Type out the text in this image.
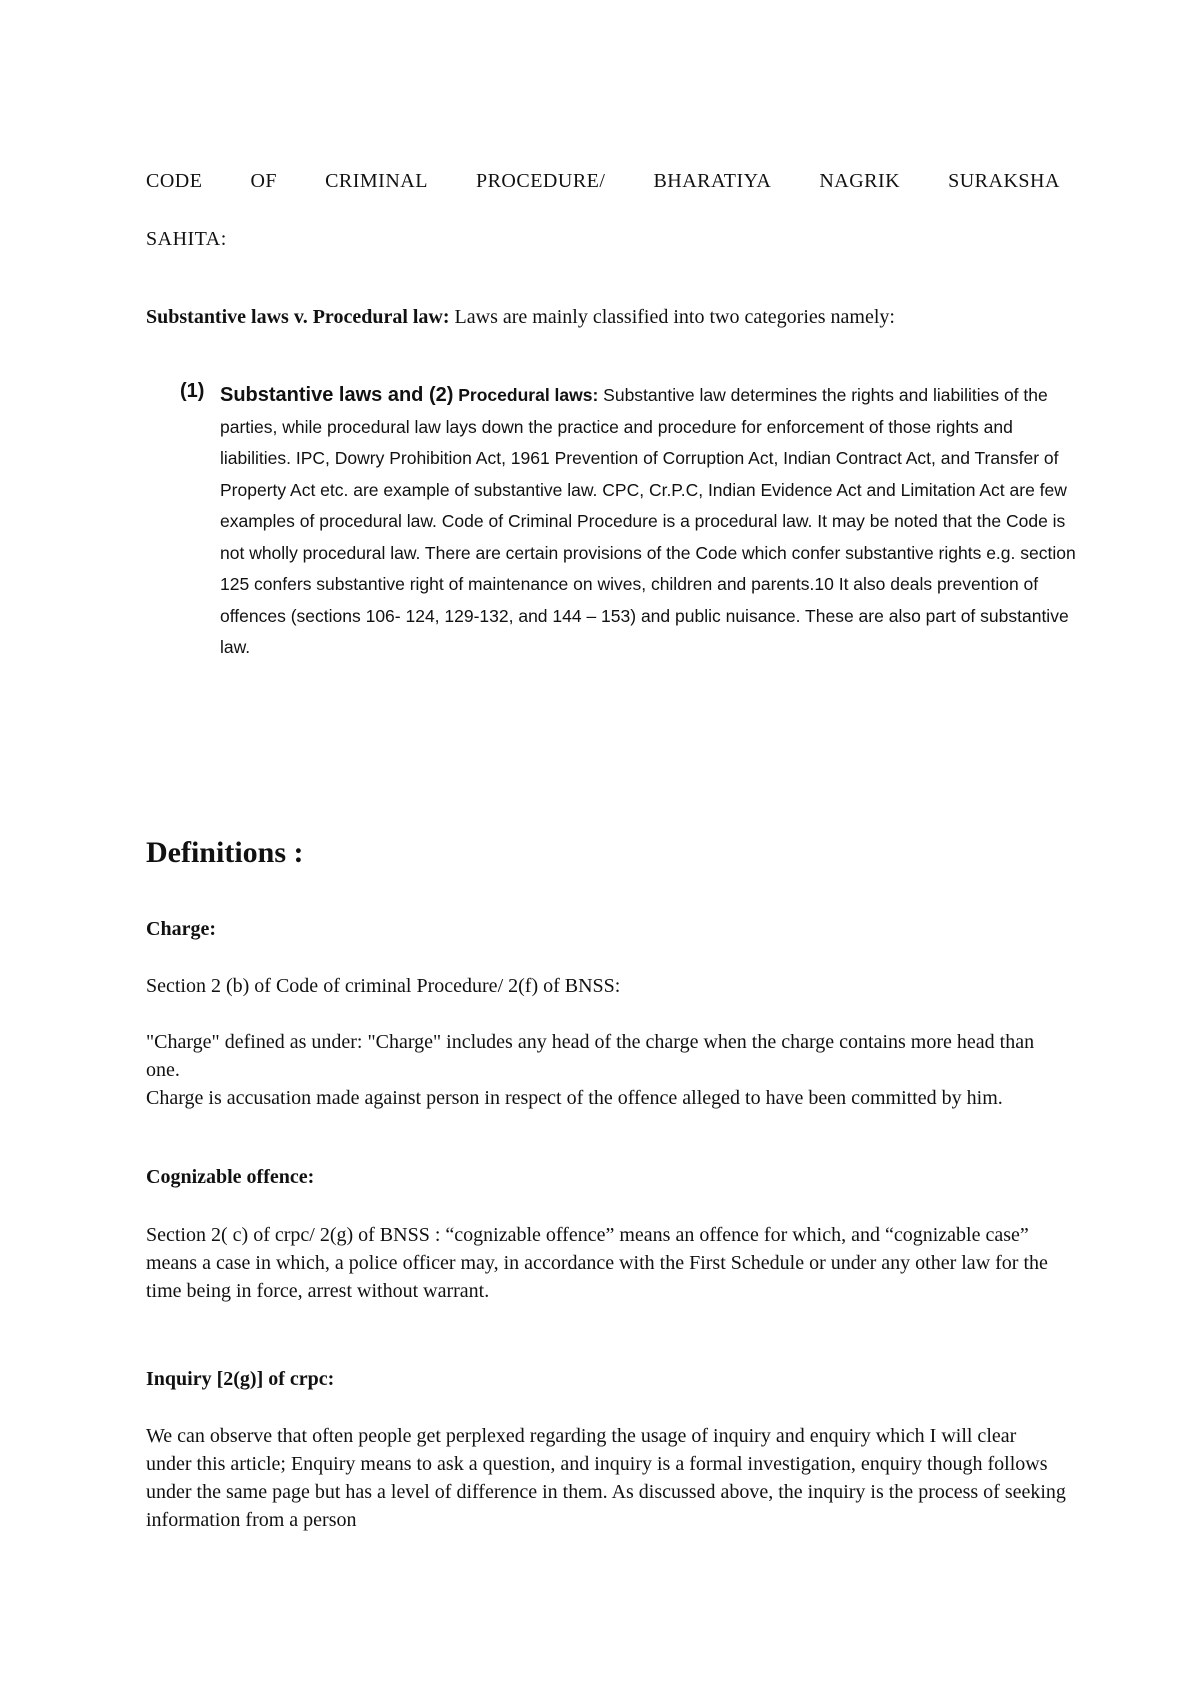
CODE OF CRIMINAL PROCEDURE/ BHARATIYA NAGRIK SURAKSHA
SAHITA:
Substantive laws v. Procedural law: Laws are mainly classified into two categories namely:
(1) Substantive laws and (2) Procedural laws: Substantive law determines the rights and liabilities of the parties, while procedural law lays down the practice and procedure for enforcement of those rights and liabilities. IPC, Dowry Prohibition Act, 1961 Prevention of Corruption Act, Indian Contract Act, and Transfer of Property Act etc. are example of substantive law. CPC, Cr.P.C, Indian Evidence Act and Limitation Act are few examples of procedural law. Code of Criminal Procedure is a procedural law. It may be noted that the Code is not wholly procedural law. There are certain provisions of the Code which confer substantive rights e.g. section 125 confers substantive right of maintenance on wives, children and parents.10 It also deals prevention of offences (sections 106- 124, 129-132, and 144 – 153) and public nuisance. These are also part of substantive law.
Definitions :
Charge:
Section 2 (b) of Code of criminal Procedure/ 2(f) of BNSS:
"Charge" defined as under: "Charge" includes any head of the charge when the charge contains more head than one.
Charge is accusation made against person in respect of the offence alleged to have been committed by him.
Cognizable offence:
Section 2( c) of crpc/ 2(g) of BNSS : “cognizable offence” means an offence for which, and “cognizable case” means a case in which, a police officer may, in accordance with the First Schedule or under any other law for the time being in force, arrest without warrant.
Inquiry [2(g)] of crpc:
We can observe that often people get perplexed regarding the usage of inquiry and enquiry which I will clear under this article; Enquiry means to ask a question, and inquiry is a formal investigation, enquiry though follows under the same page but has a level of difference in them. As discussed above, the inquiry is the process of seeking information from a person
